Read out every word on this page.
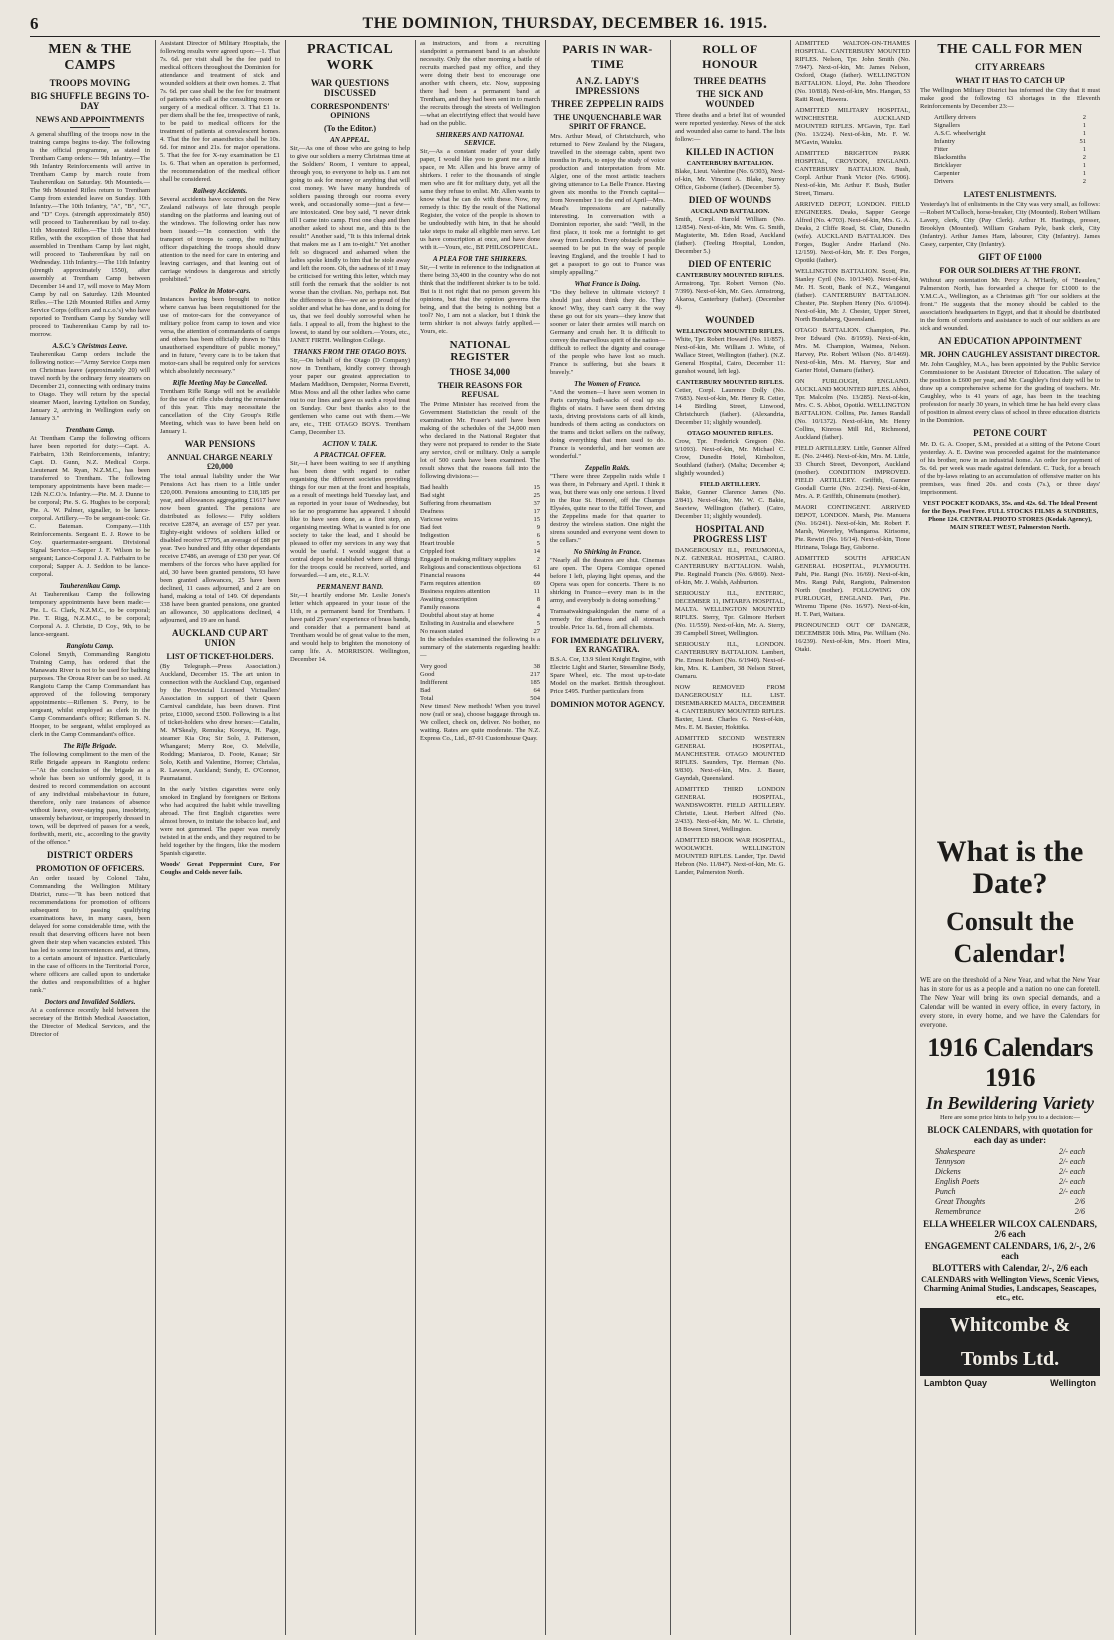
6	THE DOMINION, THURSDAY, DECEMBER 16. 1915.
MEN & THE CAMPS
TROOPS MOVING
BIG SHUFFLE BEGINS TO-DAY
NEWS AND APPOINTMENTS

A general shuffling of the troops now in the training camps begins to-day. The following is the official programme, as stated in Trentham Camp orders:— 9th Infantry.—The 9th Infantry Reinforcements will arrive in Trentham Camp by march route from Tauherenikau on Saturday. 9th Mounteds.—The 9th Mounted Rifles return to Trentham Camp from extended leave on Sunday. 10th Infantry.—The 10th Infantry, "A", "B", "C", and "D" Coys. (strength approximately 850) will proceed to Tauherenikau by rail to-day. 11th Mounted Rifles.—The 11th Mounted Rifles, with the exception of those that had assembled in Trentham Camp by last night, will proceed to Tauherenikau by rail on Wednesday. 11th Infantry.—The 11th Infantry (strength approximately 1550), after assembly at Trentham Camp between December 14 and 17, will move to May Morn Camp by rail on Saturday. 12th Mounted Rifles.—The 12th Mounted Rifles and Army Service Corps (officers and n.c.o.'s) who have reported to Trentham Camp by Sunday will proceed to Tauherenikau Camp by rail to-morrow.

A.S.C.'s Christmas Leave.

Tauherenikau Camp orders include the following notice:—"Army Service Corps men on Christmas leave (approximately 20) will travel north by the ordinary ferry steamers on December 21, connecting with ordinary trains to Otago. They will return by the special steamer Maori, leaving Lyttelton on Sunday, January 2, arriving in Wellington early on January 3."

Trentham Camp.

At Trentham Camp the following officers have been reported for duty:—Capt. A. Fairbairn, 13th Reinforcements, infantry; Capt. D. Gunn, N.Z. Medical Corps. Lieutenant M. Ryan, N.Z.M.C., has been transferred to Trentham. The following temporary appointments have been made:— 12th N.C.O.'s. Infantry.—Pte. M. J. Dunne to be corporal; Pte. S. G. Hughes to be corporal; Pte. A. W. Palmer, signaller, to be lance-corporal. Artillery.—To be sergeant-cook: Gr. C. Bateman. Company.—11th Reinforcements. Sergeant E. J. Rowe to be Coy. quartermaster-sergeant. Divisional Signal Service.—Sapper J. F. Wilson to be sergeant; Lance-Corporal J. A. Fairbairn to be corporal; Sapper A. J. Seddon to be lance-corporal.

Tauherenikau Camp.

At Tauherenikau Camp the following temporary appointments have been made:—Pte. L. G. Clark, N.Z.M.C., to be corporal; Pte. T. Rigg, N.Z.M.C., to be corporal; Corporal A. J. Christie, D Coy., 9th, to be lance-sergeant.

Rangiotu Camp.

Colonel Smyth, Commanding Rangiotu Training Camp, has ordered that the Manawatu River is not to be used for bathing purposes. The Oroua River can be so used. At Rangiotu Camp the Camp Commandant has approved of the following temporary appointments:—Riflemen S. Perry, to be sergeant, whilst employed as clerk in the Camp Commandant's office; Rifleman S. N. Hooper, to be sergeant, whilst employed as clerk in the Camp Commandant's office.

The Rifle Brigade.

The following compliment to the men of the Rifle Brigade appears in Rangiotu orders:—"At the conclusion of the brigade as a whole has been so uniformly good, it is desired to record commendation on account of any individual misbehaviour in future, therefore, only rare instances of absence without leave, over-staying pass, insobriety, unseemly behaviour, or improperly dressed in town, will be deprived of passes for a week, forthwith, merit, etc., according to the gravity of the offence."

DISTRICT ORDERS
PROMOTION OF OFFICERS.

An order issued by Colonel Tahu, Commanding the Wellington Military District, runs:—"It has been noticed that recommendations for promotion of officers subsequent to passing qualifying examinations have, in many cases, been delayed for some considerable time, with the result that deserving officers have not been given their step when vacancies existed. This has led to some inconveniences and, at times, to a certain amount of injustice. Particularly in the case of officers in the Territorial Force, where officers are called upon to undertake the duties and responsibilities of a higher rank."

Doctors and Invalided Soldiers.

At a conference recently held between the secretary of the British Medical Association, the Director of Medical Services, and the Director of

Assistant Director of Military Hospitals, the following results were agreed upon:—1. That 7s. 6d. per visit shall be the fee paid to medical officers throughout the Dominion for attendance and treatment of sick and wounded soldiers at their own homes. 2. That 7s. 6d. per case shall be the fee for treatment of patients who call at the consulting room or surgery of a medical officer. 3. That £1 1s. per diem shall be the fee, irrespective of rank, to be paid to medical officers for the treatment of patients at convalescent homes. 4. That the fee for anaesthetics shall be 10s. 6d. for minor and 21s. for major operations. 5. That the fee for X-ray examination be £1 1s. 6. That when an operation is performed, the recommendation of the medical officer shall be considered.

Railway Accidents.

Several accidents have occurred on the New Zealand railways of late through people standing on the platforms and leaning out of the windows. The following order has now been issued:—"In connection with the transport of troops to camp, the military officer dispatching the troops should draw attention to the need for care in entering and leaving carriages, and that leaning out of carriage windows is dangerous and strictly prohibited."

Police in Motor-cars.

Instances having been brought to notice where canvas has been requisitioned for the use of motor-cars for the conveyance of military police from camp to town and vice versa, the attention of commandants of camps and others has been officially drawn to "this unauthorised expenditure of public money," and in future, "every care is to be taken that motor-cars shall be required only for services which absolutely necessary."

Rifle Meeting May be Cancelled.

Trentham Rifle Range will not be available for the use of rifle clubs during the remainder of this year. This may necessitate the cancellation of the City Group's Rifle Meeting, which was to have been held on January 1.

WAR PENSIONS
ANNUAL CHARGE NEARLY £20,000

The total annual liability under the War Pensions Act has risen to a little under £20,000. Pensions amounting to £18,185 per year, and allowances aggregating £1617 have now been granted. The pensions are distributed as follows:— Fifty soldiers receive £2874, an average of £57 per year. Eighty-eight widows of soldiers killed or disabled receive £7795, an average of £88 per year. Two hundred and fifty other dependants receive £7486, an average of £30 per year. Of members of the forces who have applied for aid, 30 have been granted pensions, 93 have been granted allowances, 25 have been declined, 11 cases adjourned, and 2 are on hand, making a total of 149. Of dependants 338 have been granted pensions, one granted an allowance, 30 applications declined, 4 adjourned, and 19 are on hand.

AUCKLAND CUP ART UNION
LIST OF TICKET-HOLDERS.

(By Telegraph.—Press Association.) Auckland, December 15. The art union in connection with the Auckland Cup, organised by the Provincial Licensed Victuallers' Association in support of their Queen Carnival candidate, has been drawn. First prize, £1000, second £500. Following is a list of ticket-holders who drew horses:—Catalin, M. M'Skealy, Remuka; Koorya, H. Page, steamer Kia Ora; Sir Solo, J. Patterson, Whangarei; Merry Roe, O. Melville, Rodding; Maniaroa, D. Foote, Kauae; Sir Solo, Keith and Valentine, Horree; Chrislas, R. Lawson, Auckland; Sundy, E. O'Connor, Paumatanui.

In the early 'sixties cigarettes were only smoked in England by foreigners or Britons who had acquired the habit while travelling abroad. The first English cigarettes were almost brown, to imitate the tobacco leaf, and were not gummed. The paper was merely twisted in at the ends, and they required to be held together by the fingers, like the modern Spanish cigarette.

Woods' Great Peppermint Cure, For Coughs and Colds never fails.

PRACTICAL WORK
WAR QUESTIONS DISCUSSED
CORRESPONDENTS' OPINIONS
(To the Editor.)
AN APPEAL.

Sir,—As one of those who are going to help to give our soldiers a merry Christmas time at the Soldiers' Room, I venture to appeal, through you, to everyone to help us. I am not going to ask for money or anything that will cost money. We have many hundreds of soldiers passing through our rooms every week, and occasionally some—just a few—are intoxicated. One boy said, "I never drink till I came into camp. First one chap and then another asked to shout me, and this is the result!" Another said, "It is this infernal drink that makes me as I am to-night." Yet another felt so disgraced and ashamed when the ladies spoke kindly to him that he stole away and left the room. Oh, the sadness of it! I may be criticised for writing this letter, which may still forth the remark that the soldier is not worse than the civilian. No, perhaps not. But the difference is this—we are so proud of the soldier and what he has done, and is doing for us, that we feel doubly sorrowful when he fails. I appeal to all, from the highest to the lowest, to stand by our soldiers.—Yours, etc., JANET FIRTH. Wellington College.

THANKS FROM THE OTAGO BOYS.

Sir,—On behalf of the Otago (D Company) now in Trentham, kindly convey through your paper our greatest appreciation to Madam Maddison, Dempster, Norma Everett, Miss Moss and all the other ladies who came out to our lines and gave us such a royal treat on Sunday. Our best thanks also to the gentlemen who came out with them.—We are, etc., THE OTAGO BOYS. Trentham Camp, December 13.

ACTION V. TALK.
A PRACTICAL OFFER.

Sir,—I have been waiting to see if anything has been done with regard to rather organising the different societies providing things for our men at the front and hospitals, as a result of meetings held Tuesday last, and as reported in your issue of Wednesday, but so far no programme has appeared. I should like to have seen done, as a first step, an organising meeting. What is wanted is for one society to take the lead, and I should be pleased to offer my services in any way that would be useful. I would suggest that a central depot be established where all things for the troops could be received, sorted, and forwarded.—I am, etc., R.L.V.

PERMANENT BAND.

Sir,—I heartily endorse Mr. Leslie Jones's letter which appeared in your issue of the 11th, re a permanent band for Trentham. I have paid 25 years' experience of brass bands, and consider that a permanent band at Trentham would be of great value to the men, and would help to brighten the monotony of camp life. A. MORRISON. Wellington, December 14.

as instructors, and from a recruiting standpoint a permanent band is an absolute necessity. Only the other morning a battle of recruits marched past my office, and they were doing their best to encourage one another with cheers, etc. Now, supposing there had been a permanent band at Trentham, and they had been sent in to march the recruits through the streets of Wellington—what an electrifying effect that would have had on the public.

SHIRKERS AND NATIONAL SERVICE.

Sir,—As a constant reader of your daily paper, I would like you to grant me a little space, re Mr. Allen and his brave army of shirkers. I refer to the thousands of single men who are fit for military duty, yet all the same they refuse to enlist. Mr. Allen wants to know what he can do with these. Now, my remedy is this: By the result of the National Register, the voice of the people is shown to be undoubtedly with him, in that he should take steps to make all eligible men serve. Let us have conscription at once, and have done with it.—Yours, etc., BE PHILOSOPHICAL.

A PLEA FOR THE SHIRKERS.

Sir,—I write in reference to the indignation at there being 33,400 in the country who do not think that the indifferent shirker is to be told. But is it not right that no person govern his opinions, but that the opinion governs the being, and that the being is nothing but a tool? No, I am not a slacker, but I think the term shirker is not always fairly applied.—Yours, etc.

NATIONAL REGISTER
THOSE 34,000
THEIR REASONS FOR REFUSAL

The Prime Minister has received from the Government Statistician the result of the examination Mr. Fraser's staff have been making of the schedules of the 34,000 men who declared in the National Register that they were not prepared to render to the State any service, civil or military. Only a sample lot of 500 cards have been examined. The result shows that the reasons fall into the following divisions:—

Bad health	15
Bad sight	25
Suffering from rheumatism	37
Deafness	17
Varicose veins	15
Bad feet	9
Indigestion	6
Heart trouble	5
Crippled foot	14
Engaged in making military supplies	2
Religious and conscientious objections 61
Financial reasons	44
Farm requires attention	69
Business requires attention	11
Awaiting conscription	8
Family reasons	4
Doubtful about stay at home	4
Enlisting in Australia and elsewhere	5
No reason stated	27

In the schedules examined the following is a summary of the statements regarding health:—

Very good	38
Good	217
Indifferent	185
Bad	64
Total	504

New times! New methods! When you travel now (rail or sea), choose baggage through us. We collect, check on, deliver. No bother, no waiting. Rates are quite moderate. The N.Z. Express Co., Ltd., 87-91 Customhouse Quay.

PARIS IN WAR-TIME
A N.Z. LADY'S IMPRESSIONS
THREE ZEPPELIN RAIDS
THE UNQUENCHABLE WAR SPIRIT OF FRANCE.

Mrs. Arthur Mead, of Christchurch, who returned to New Zealand by the Niagara, travelled in the steerage cabin, spent two months in Paris, to enjoy the study of voice production and interpretation from Mr. Algier, one of the most artistic teachers giving utterance to La Belle France. Having given six months to the French capital—from November 1 to the end of April—Mrs. Mead's impressions are naturally interesting. In conversation with a Dominion reporter, she said: "Well, in the first place, it took me a fortnight to get away from London. Every obstacle possible seemed to be put in the way of people leaving England, and the trouble I had to get a passport to go out to France was simply appalling."

What France is Doing.

"Do they believe in ultimate victory? I should just about think they do. They know! Why, they can't carry it the way these go out for six years—they know that sooner or later their armies will march on Germany and crush her. It is difficult to convey the marvellous spirit of the nation—difficult to reflect the dignity and courage of the people who have lost so much. France is suffering, but she bears it bravely."

The Women of France.

"And the women—I have seen women in Paris carrying bath-sacks of coal up six flights of stairs. I have seen them driving taxis, driving provisions carts of all kinds, hundreds of them acting as conductors on the trams and ticket sellers on the railway, doing everything that men used to do. France is wonderful, and her women are wonderful."

Zeppelin Raids.

"There were three Zeppelin raids while I was there, in February and April. I think it was, but there was only one serious. I lived in the Rue St. Honoré, off the Champs Elysées, quite near to the Eiffel Tower, and the Zeppelins made for that quarter to destroy the wireless station. One night the sirens sounded and everyone went down to the cellars."

No Shirking in France.

"Nearly all the theatres are shut. Cinemas are open. The Opera Comique opened before I left, playing light operas, and the Opera was open for concerts. There is no shirking in France—every man is in the army, and everybody is doing something."

Tramsatwakingsakingsdan the name of a remedy for diarrhoea and all stomach trouble. Price 1s. 6d., from all chemists.

FOR IMMEDIATE DELIVERY, EX RANGATIRA.

B.S.A. Cor, 13.9 Silent Knight Engine, with Electric Light and Starter, Streamline Body, Spare Wheel, etc. The most up-to-date Model on the market. British throughout. Price £495. Further particulars from

DOMINION MOTOR AGENCY.
ROLL OF HONOUR
THREE DEATHS
THE SICK AND WOUNDED

Three deaths and a brief list of wounded were reported yesterday. News of the sick and wounded also came to hand. The lists follow:—

KILLED IN ACTION
CANTERBURY BATTALION.

Blake, Lieut. Valentine (No. 6/303), Next-of-kin, Mr. Vincent A. Blake, Surrey Office, Gisborne (father). (December 5).

DIED OF WOUNDS
AUCKLAND BATTALION.

Smith, Corpl. Harold William (No. 12/854). Next-of-kin, Mr. Wm. G. Smith, Magisterite, Mt. Eden Road, Auckland (father). (Teeling Hospital, London, December 5.)

DIED OF ENTERIC
CANTERBURY MOUNTED RIFLES.

Armstrong, Tpr. Robert Vernon (No. 7/399). Next-of-kin, Mr. Geo. Armstrong, Akaroa, Canterbury (father). (December 4).

WOUNDED
WELLINGTON MOUNTED RIFLES.

White, Tpr. Robert Howard (No. 11/857). Next-of-kin, Mr. William J. White, of Wallace Street, Wellington (father). (N.Z. General Hospital, Cairo, December 11: gunshot wound, left leg).

CANTERBURY MOUNTED RIFLES.

Cetier, Corpl. Laurence Dolly (No. 7/683). Next-of-kin, Mr. Henry R. Cetier, 14 Birdling Street, Linwood, Christchurch (father). (Alexandria, December 11; slightly wounded).

OTAGO MOUNTED RIFLES.

Crow, Tpr. Frederick Gregson (No. 9/1093). Next-of-kin, Mr. Michael C. Crow, Dunedin Hotel, Kimbolton, Southland (father). (Malta; December 4; slightly wounded.)

FIELD ARTILLERY.

Bakie, Gunner Clarence James (No. 2/841). Next-of-kin, Mr. W. C. Bakie, Seaview, Wellington (father). (Cairo, December 11; slightly wounded).

HOSPITAL AND PROGRESS LIST

DANGEROUSLY ILL, PNEUMONIA, N.Z. GENERAL HOSPITAL, CAIRO. CANTERBURY BATTALION. Walsh, Pte. Reginald Francis (No. 6/869). Next-of-kin, Mr. J. Walsh, Ashburton.

SERIOUSLY ILL, ENTERIC, DECEMBER 11, IMTARFA HOSPITAL, MALTA. WELLINGTON MOUNTED RIFLES. Sterry, Tpr. Gilmore Herbert (No. 11/559). Next-of-kin, Mr. A. Sterry, 39 Campbell Street, Wellington.

SERIOUSLY ILL, LONDON. CANTERBURY BATTALION. Lambert, Pte. Ernest Robert (No. 6/1940). Next-of-kin, Mrs. K. Lambert, 38 Nelson Street, Oamaru.

NOW REMOVED FROM DANGEROUSLY ILL LIST. DISEMBARKED MALTA, DECEMBER 4. CANTERBURY MOUNTED RIFLES. Baxter, Lieut. Charles G. Next-of-kin, Mrs. E. M. Baxter, Hokitika.

ADMITTED SECOND WESTERN GENERAL HOSPITAL, MANCHESTER. OTAGO MOUNTED RIFLES. Saunders, Tpr. Herman (No. 9/830). Next-of-kin, Mrs. J. Bauer, Gayndah, Queensland.

ADMITTED THIRD LONDON GENERAL HOSPITAL, WANDSWORTH. FIELD ARTILLERY. Christie, Lieut. Herbert Alfred (No. 2/433). Next-of-kin, Mr. W. L. Christie, 18 Bowen Street, Wellington.

ADMITTED BROOK WAR HOSPITAL, WOOLWICH. WELLINGTON MOUNTED RIFLES. Lander, Tpr. David Hebron (No. 11/847). Next-of-kin, Mr. G. Lander, Palmerston North.

ADMITTED WALTON-ON-THAMES HOSPITAL. CANTERBURY MOUNTED RIFLES. Nelson, Tpr. John Smith (No. 7/947). Next-of-kin, Mr. James Nelson, Oxford, Otago (father). WELLINGTON BATTALION. Lloyd, Pte. John Theodore (No. 10/818). Next-of-kin, Mrs. Hangan, 53 Raiti Road, Hawera.

ADMITTED MILITARY HOSPITAL, WINCHESTER. AUCKLAND MOUNTED RIFLES. M'Gavin, Tpr. Earl (No. 13/224). Next-of-kin, Mr. F. W. M'Gavin, Waiuku.

ADMITTED BRIGHTON PARK HOSPITAL, CROYDON, ENGLAND. CANTERBURY BATTALION. Bush, Corpl. Arthur Frank Victor (No. 6/906). Next-of-kin, Mr. Arthur F. Bush, Butler Street, Timaru.

ARRIVED DEPOT, LONDON. FIELD ENGINEERS. Deaks, Sapper George Alfred (No. 4/703). Next-of-kin, Mrs. G. A. Deaks, 2 Cliffe Road, St. Clair, Dunedin (wife). AUCKLAND BATTALION. Des Forges, Bugler Andre Harland (No. 12/159). Next-of-kin, Mr. F. Des Forges, Opotiki (father).

WELLINGTON BATTALION. Scott, Pte. Stanley Cyril (No. 10/1340). Next-of-kin, Mr. H. Scott, Bank of N.Z., Wanganui (father). CANTERBURY BATTALION. Chester, Pte. Stephen Henry (No. 6/1094). Next-of-kin, Mr. J. Chester, Upper Street, North Bundaberg, Queensland.

OTAGO BATTALION. Champion, Pte. Ivor Edward (No. 8/1959). Next-of-kin, Mrs. M. Champion, Waimea, Nelson. Harvey, Pte. Robert Wilson (No. 8/1469). Next-of-kin, Mrs. M. Harvey, Star and Garter Hotel, Oamaru (father).

ON FURLOUGH, ENGLAND. AUCKLAND MOUNTED RIFLES. Abbot, Tpr. Malcolm (No. 13/285). Next-of-kin, Mrs. C. S. Abbot, Opotiki. WELLINGTON BATTALION. Collins, Pte. James Randall (No. 10/1372). Next-of-kin, Mr. Henry Collins, Kinross Mill Rd., Richmond, Auckland (father).

FIELD ARTILLERY. Little, Gunner Alfred E. (No. 2/446). Next-of-kin, Mrs. M. Little, 33 Church Street, Devonport, Auckland (mother). CONDITION IMPROVED. FIELD ARTILLERY. Griffith, Gunner Goodall Currie (No. 2/234). Next-of-kin, Mrs. A. P. Griffith, Ohinemutu (mother).

MAORI CONTINGENT. ARRIVED DEPOT, LONDON. Marsh, Pte. Manuera (No. 16/241). Next-of-kin, Mr. Robert F. Marsh, Waverley, Whangaroa. Kirisome, Pte. Rewiri (No. 16/14). Next-of-kin, Tione Hirinana, Tolaga Bay, Gisborne.

ADMITTED SOUTH AFRICAN GENERAL HOSPITAL, PLYMOUTH. Pahi, Pte. Rangi (No. 16/69). Next-of-kin, Mrs. Rangi Pahi, Rangiotu, Palmerston North (mother). FOLLOWING ON FURLOUGH, ENGLAND. Pari, Pte. Wiremu Tipene (No. 16/97). Next-of-kin, H. T. Pari, Waitara.

PRONOUNCED OUT OF DANGER, DECEMBER 10th. Mira, Pte. William (No. 16/239). Next-of-kin, Mrs. Hoeri Mira, Otaki.

THE CALL FOR MEN
CITY ARREARS
WHAT IT HAS TO CATCH UP

The Wellington Military District has informed the City that it must make good the following 63 shortages in the Eleventh Reinforcements by December 23:—

Artillery drivers	2
Signallers	1
A.S.C. wheelwright	1
Infantry	51
Fitter	1
Blacksmiths	2
Bricklayer	1
Carpenter	1
Drivers	2
LATEST ENLISTMENTS.

Yesterday's list of enlistments in the City was very small, as follows:—Robert M'Culloch, horse-breaker, City (Mounted). Robert William Lavery, clerk, City (Pay Clerk). Arthur H. Hastings, presser, Brooklyn (Mounted). William Graham Pyle, bank clerk, City (Infantry). Arthur James Ham, labourer, City (Infantry). James Casey, carpenter, City (Infantry).

GIFT OF £1000
FOR OUR SOLDIERS AT THE FRONT.

Without any ostentation Mr. Percy A. M'Hardy, of "Beauleu," Palmerston North, has forwarded a cheque for £1000 to the Y.M.C.A., Wellington, as a Christmas gift "for our soldiers at the front." He suggests that the money should be cabled to the association's headquarters in Egypt, and that it should be distributed in the form of comforts and assistance to such of our soldiers as are sick and wounded.

AN EDUCATION APPOINTMENT
MR. JOHN CAUGHLEY ASSISTANT DIRECTOR.

Mr. John Caughley, M.A., has been appointed by the Public Service Commissioner to be Assistant Director of Education. The salary of the position is £600 per year, and Mr. Caughley's first duty will be to draw up a comprehensive scheme for the grading of teachers. Mr. Caughley, who is 41 years of age, has been in the teaching profession for nearly 30 years, in which time he has held every class of position in almost every class of school in three education districts in the Dominion.

PETONE COURT

Mr. D. G. A. Cooper, S.M., presided at a sitting of the Petone Court yesterday. A. E. Davine was proceeded against for the maintenance of his brother, now in an industrial home. An order for payment of 5s. 6d. per week was made against defendant. C. Tuck, for a breach of the by-laws relating to an accumulation of offensive matter on his premises, was fined 20s. and costs (7s.), or three days' imprisonment.

VEST POCKET KODAKS, 35s. and 42s. 6d. The Ideal Present for the Boys. Post Free. FULL STOCKS FILMS & SUNDRIES, Phone 124. CENTRAL PHOTO STORES (Kodak Agency), MAIN STREET WEST, Palmerston North.

What is the Date?
Consult the Calendar!

WE are on the threshold of a New Year, and what the New Year has in store for us as a people and a nation no one can foretell. The New Year will bring its own special demands, and a Calendar will be wanted in every office, in every factory, in every store, in every home, and we have the Calendars for everyone.

1916 Calendars 1916
In Bewildering Variety

Here are some price hints to help you to a decision:—

BLOCK CALENDARS, with quotation for each day as under:
Shakespeare	2/- each
Tennyson	2/- each
Dickens	2/- each
English Poets	2/- each
Punch	2/- each
Great Thoughts	2/6
Remembrance	2/6
ELLA WHEELER WILCOX CALENDARS, 2/6 each
ENGAGEMENT CALENDARS, 1/6, 2/-, 2/6 each
BLOTTERS with Calendar, 2/-, 2/6 each
CALENDARS with Wellington Views, Scenic Views, Charming Animal Studies, Landscapes, Seascapes, etc., etc.
Whitcombe & Tombs Ltd.
Lambton Quay	Wellington
